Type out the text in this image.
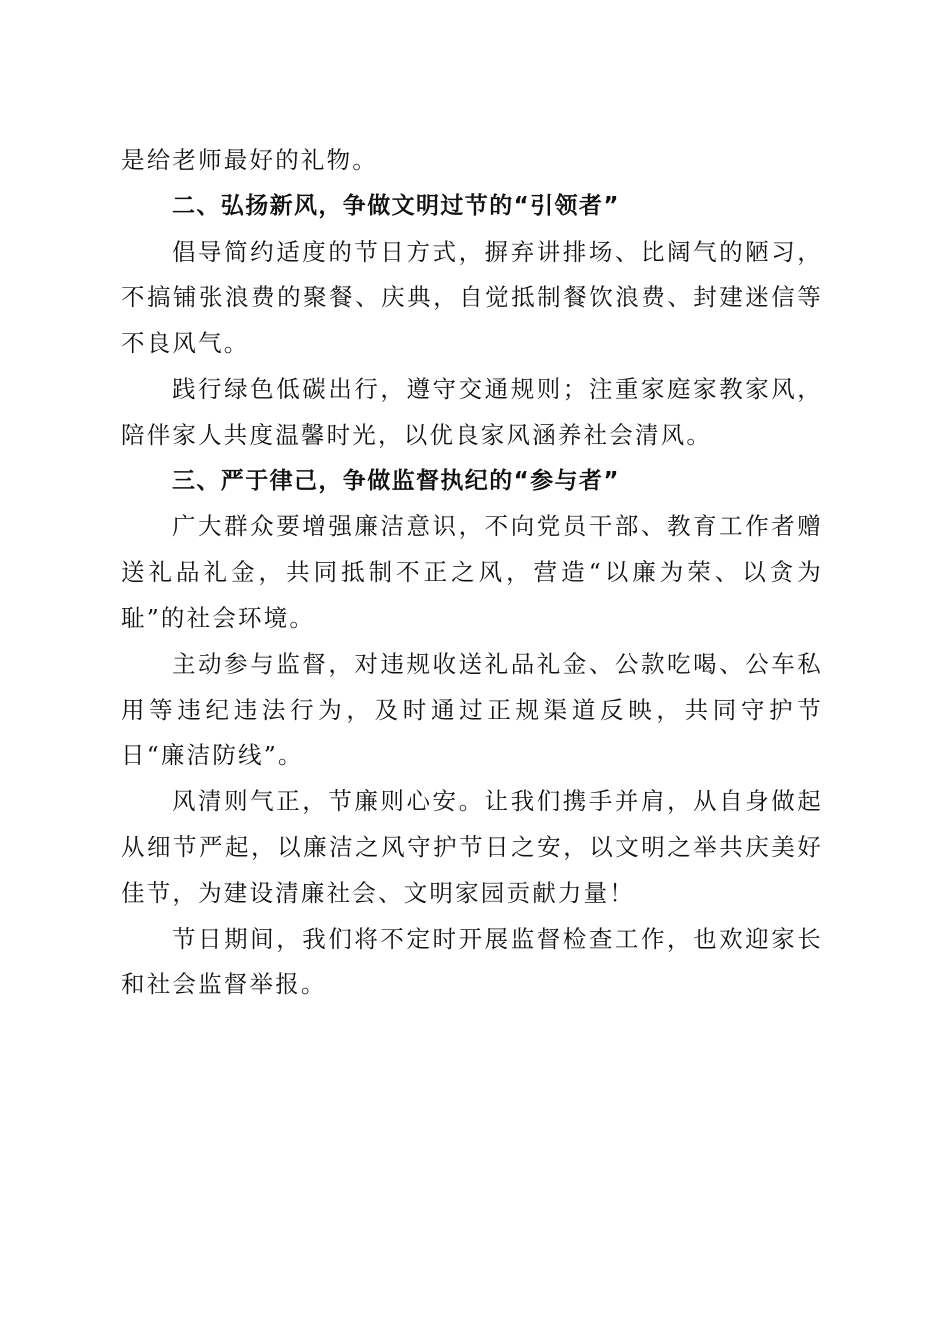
是给老师最好的礼物。

二、弘扬新风，争做文明过节的“引领者”

倡导简约适度的节日方式，摒弃讲排场、比阔气的陋习，不搞铺张浪费的聚餐、庆典，自觉抵制餐饮浪费、封建迷信等不良风气。

践行绿色低碳出行，遵守交通规则；注重家庭家教家风，陪伴家人共度温馨时光，以优良家风涵养社会清风。

三、严于律己，争做监督执纪的“参与者”

广大群众要增强廉洁意识，不向党员干部、教育工作者赠送礼品礼金，共同抵制不正之风，营造“以廉为荣、以贪为耻”的社会环境。

主动参与监督，对违规收送礼品礼金、公款吃喝、公车私用等违纪违法行为，及时通过正规渠道反映，共同守护节日“廉洁防线”。

风清则气正，节廉则心安。让我们携手并肩，从自身做起从细节严起，以廉洁之风守护节日之安，以文明之举共庆美好佳节，为建设清廉社会、文明家园贡献力量！

节日期间，我们将不定时开展监督检查工作，也欢迎家长和社会监督举报。
